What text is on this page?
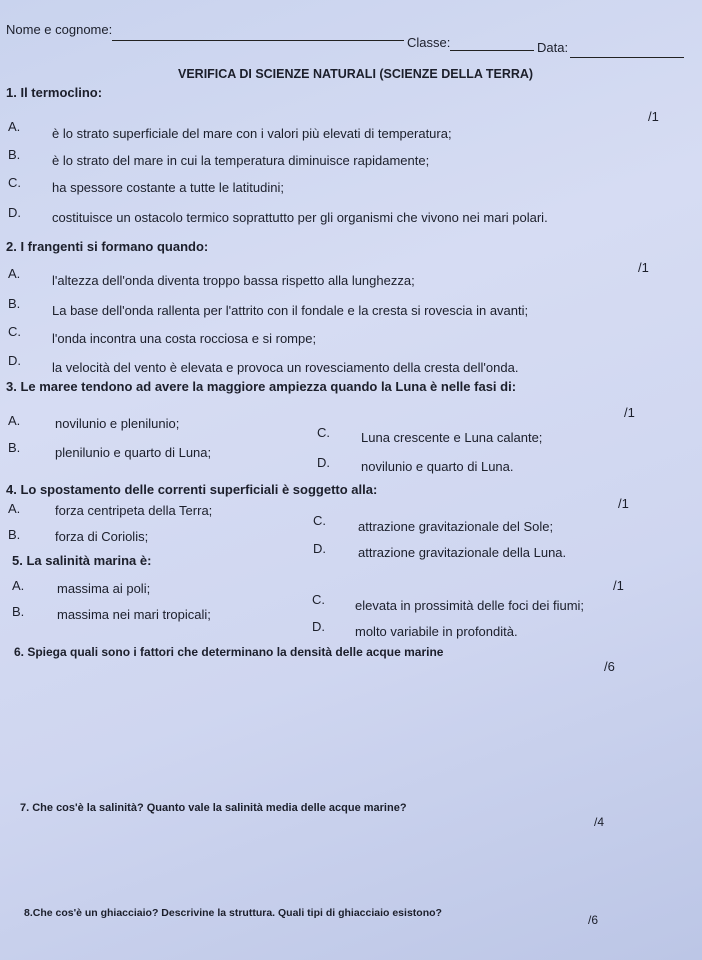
Nome e cognome:
Classe:	Data:
VERIFICA DI SCIENZE NATURALI (SCIENZE DELLA TERRA)
1. Il termoclino:
/1
A. è lo strato superficiale del mare con i valori più elevati di temperatura;
B. è lo strato del mare in cui la temperatura diminuisce rapidamente;
C. ha spessore costante a tutte le latitudini;
D. costituisce un ostacolo termico soprattutto per gli organismi che vivono nei mari polari.
2. I frangenti si formano quando:
/1
A. l'altezza dell'onda diventa troppo bassa rispetto alla lunghezza;
B. La base dell'onda rallenta per l'attrito con il fondale e la cresta si rovescia in avanti;
C. l'onda incontra una costa rocciosa e si rompe;
D. la velocità del vento è elevata e provoca un rovesciamento della cresta dell'onda.
3. Le maree tendono ad avere la maggiore ampiezza quando la Luna è nelle fasi di:
/1
A.	novilunio e plenilunio;
C. Luna crescente e Luna calante;
B.	plenilunio e quarto di Luna;
D. novilunio e quarto di Luna.
4. Lo spostamento delle correnti superficiali è soggetto alla:
/1
A.	forza centripeta della Terra;
C. attrazione gravitazionale del Sole;
B.	forza di Coriolis;
D. attrazione gravitazionale della Luna.
5. La salinità marina è:
/1
A.	massima ai poli;
C. elevata in prossimità delle foci dei fiumi;
B.	massima nei mari tropicali;
D. molto variabile in profondità.
6. Spiega quali sono i fattori che determinano la densità delle acque marine
/6
7. Che cos'è la salinità? Quanto vale la salinità media delle acque marine?
/4
8.Che cos'è un ghiacciaio? Descrivine la struttura. Quali tipi di ghiacciaio esistono?	/6
